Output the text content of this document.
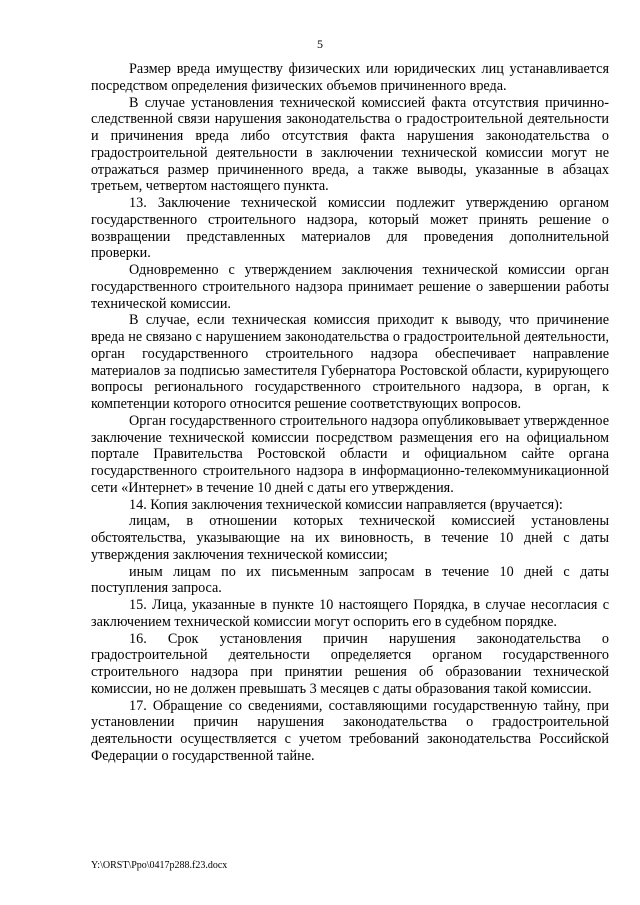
5

Размер вреда имуществу физических или юридических лиц устанавливается посредством определения физических объемов причиненного вреда.

В случае установления технической комиссией факта отсутствия причинно-следственной связи нарушения законодательства о градостроительной деятельности и причинения вреда либо отсутствия факта нарушения законодательства о градостроительной деятельности в заключении технической комиссии могут не отражаться размер причиненного вреда, а также выводы, указанные в абзацах третьем, четвертом настоящего пункта.

13. Заключение технической комиссии подлежит утверждению органом государственного строительного надзора, который может принять решение о возвращении представленных материалов для проведения дополнительной проверки.

Одновременно с утверждением заключения технической комиссии орган государственного строительного надзора принимает решение о завершении работы технической комиссии.

В случае, если техническая комиссия приходит к выводу, что причинение вреда не связано с нарушением законодательства о градостроительной деятельности, орган государственного строительного надзора обеспечивает направление материалов за подписью заместителя Губернатора Ростовской области, курирующего вопросы регионального государственного строительного надзора, в орган, к компетенции которого относится решение соответствующих вопросов.

Орган государственного строительного надзора опубликовывает утвержденное заключение технической комиссии посредством размещения его на официальном портале Правительства Ростовской области и официальном сайте органа государственного строительного надзора в информационно-телекоммуникационной сети «Интернет» в течение 10 дней с даты его утверждения.

14. Копия заключения технической комиссии направляется (вручается):

лицам, в отношении которых технической комиссией установлены обстоятельства, указывающие на их виновность, в течение 10 дней с даты утверждения заключения технической комиссии;

иным лицам по их письменным запросам в течение 10 дней с даты поступления запроса.

15. Лица, указанные в пункте 10 настоящего Порядка, в случае несогласия с заключением технической комиссии могут оспорить его в судебном порядке.

16. Срок установления причин нарушения законодательства о градостроительной деятельности определяется органом государственного строительного надзора при принятии решения об образовании технической комиссии, но не должен превышать 3 месяцев с даты образования такой комиссии.

17. Обращение со сведениями, составляющими государственную тайну, при установлении причин нарушения законодательства о градостроительной деятельности осуществляется с учетом требований законодательства Российской Федерации о государственной тайне.

Y:\ORST\Ppo\0417p288.f23.docx
